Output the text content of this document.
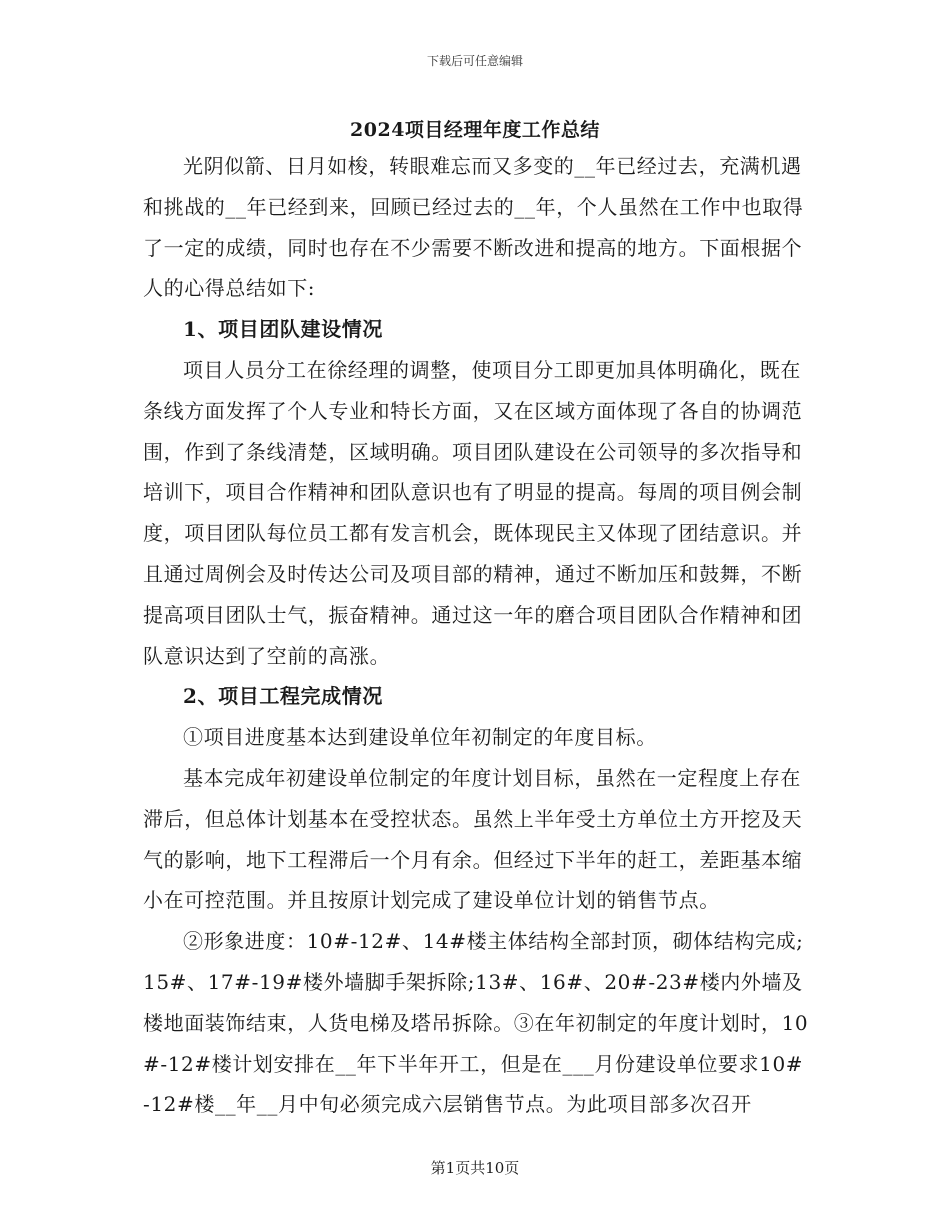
下载后可任意编辑
2024项目经理年度工作总结

光阴似箭、日月如梭，转眼难忘而又多变的__年已经过去，充满机遇和挑战的__年已经到来，回顾已经过去的__年，个人虽然在工作中也取得了一定的成绩，同时也存在不少需要不断改进和提高的地方。下面根据个人的心得总结如下:

1、项目团队建设情况

项目人员分工在徐经理的调整，使项目分工即更加具体明确化，既在条线方面发挥了个人专业和特长方面，又在区域方面体现了各自的协调范围，作到了条线清楚，区域明确。项目团队建设在公司领导的多次指导和培训下，项目合作精神和团队意识也有了明显的提高。每周的项目例会制度，项目团队每位员工都有发言机会，既体现民主又体现了团结意识。并且通过周例会及时传达公司及项目部的精神，通过不断加压和鼓舞，不断提高项目团队士气，振奋精神。通过这一年的磨合项目团队合作精神和团队意识达到了空前的高涨。

2、项目工程完成情况

①项目进度基本达到建设单位年初制定的年度目标。

基本完成年初建设单位制定的年度计划目标，虽然在一定程度上存在滞后，但总体计划基本在受控状态。虽然上半年受土方单位土方开挖及天气的影响，地下工程滞后一个月有余。但经过下半年的赶工，差距基本缩小在可控范围。并且按原计划完成了建设单位计划的销售节点。

②形象进度：10#-12#、14#楼主体结构全部封顶，砌体结构完成;15#、17#-19#楼外墙脚手架拆除;13#、16#、20#-23#楼内外墙及楼地面装饰结束，人货电梯及塔吊拆除。③在年初制定的年度计划时，10#-12#楼计划安排在__年下半年开工，但是在___月份建设单位要求10#-12#楼__年__月中旬必须完成六层销售节点。为此项目部多次召开

第1页共10页
